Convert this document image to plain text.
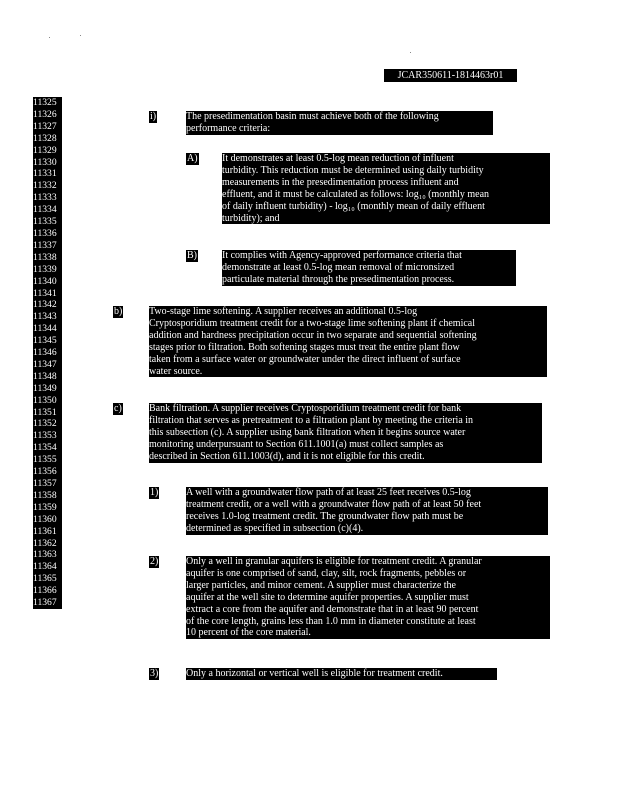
JCAR350611-1814463r01
11325
11326
11327
11328
11329
11330
11331
11332
11333
11334
11335
11336
11337
11338
11339
11340
11341
11342
11343
11344
11345
11346
11347
11348
11349
11350
11351
11352
11353
11354
11355
11356
11357
11358
11359
11360
11361
11362
11363
11364
11365
11366
11367
i)	The presedimentation basin must achieve both of the following
performance criteria:
A) It demonstrates at least 0.5-log mean reduction of influent
turbidity. This reduction must be determined using daily turbidity
measurements in the presedimentation process influent and
effluent, and it must be calculated as follows: log₁₀ (monthly mean
of daily influent turbidity) - log₁₀ (monthly mean of daily effluent
turbidity); and
B)	It complies with Agency-approved performance criteria that
demonstrate at least 0.5-log mean removal of micronsized
particulate material through the presedimentation process.
b)	Two-stage lime softening. A supplier receives an additional 0.5-log
Cryptosporidium treatment credit for a two-stage lime softening plant if chemical
addition and hardness precipitation occur in two separate and sequential softening
stages prior to filtration. Both softening stages must treat the entire plant flow
taken from a surface water or groundwater under the direct influent of surface
water source.
c)	Bank filtration. A supplier receives Cryptosporidium treatment credit for bank
filtration that serves as pretreatment to a filtration plant by meeting the criteria in
this subsection (c). A supplier using bank filtration when it begins source water
monitoring underpursuant to Section 611.1001(a) must collect samples as
described in Section 611.1003(d), and it is not eligible for this credit.
1)	A well with a groundwater flow path of at least 25 feet receives 0.5-log
treatment credit, or a well with a groundwater flow path of at least 50 feet
receives 1.0-log treatment credit. The groundwater flow path must be
determined as specified in subsection (c)(4).
2)	Only a well in granular aquifers is eligible for treatment credit. A granular
aquifer is one comprised of sand, clay, silt, rock fragments, pebbles or
larger particles, and minor cement. A supplier must characterize the
aquifer at the well site to determine aquifer properties. A supplier must
extract a core from the aquifer and demonstrate that in at least 90 percent
of the core length, grains less than 1.0 mm in diameter constitute at least
10 percent of the core material.
3)	Only a horizontal or vertical well is eligible for treatment credit.
